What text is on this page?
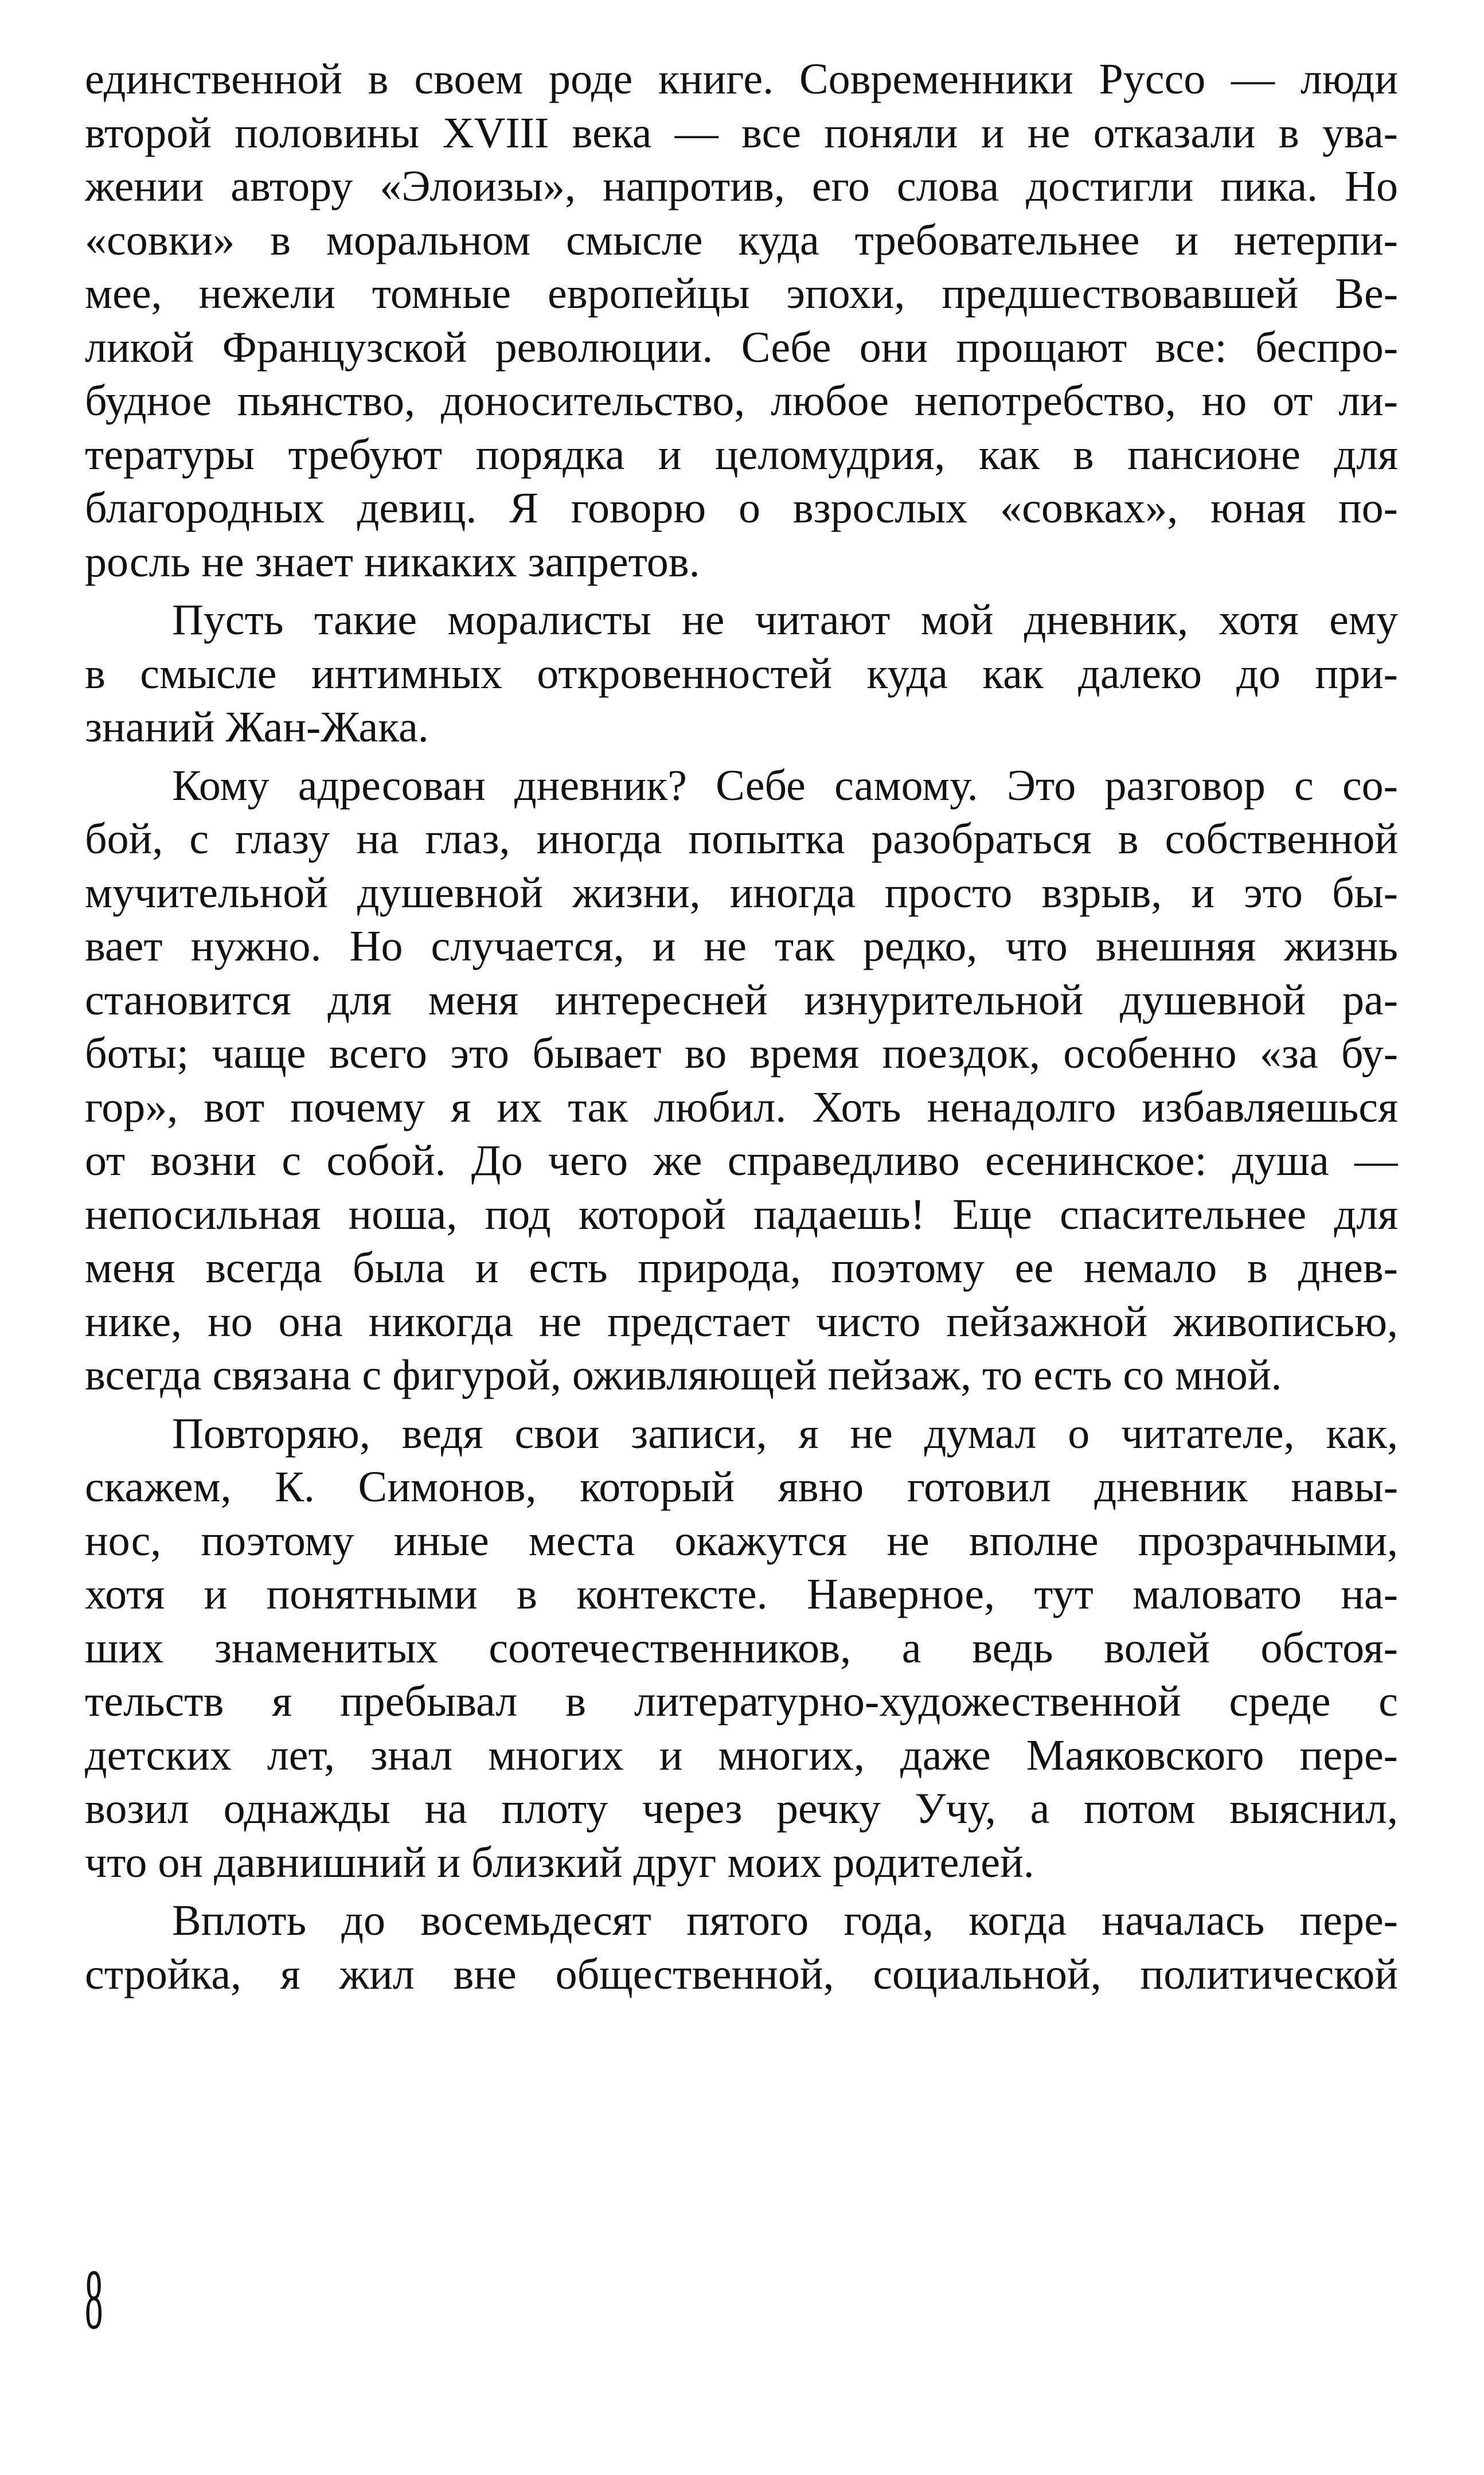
единственной в своем роде книге. Современники Руссо — люди
второй половины XVIII века — все поняли и не отказали в ува-
жении автору «Элоизы», напротив, его слова достигли пика. Но
«совки» в моральном смысле куда требовательнее и нетерпи-
мее, нежели томные европейцы эпохи, предшествовавшей Ве-
ликой Французской революции. Себе они прощают все: беспро-
будное пьянство, доносительство, любое непотребство, но от ли-
тературы требуют порядка и целомудрия, как в пансионе для
благородных девиц. Я говорю о взрослых «совках», юная по-
росль не знает никаких запретов.

Пусть такие моралисты не читают мой дневник, хотя ему
в смысле интимных откровенностей куда как далеко до при-
знаний Жан-Жака.

Кому адресован дневник? Себе самому. Это разговор с со-
бой, с глазу на глаз, иногда попытка разобраться в собственной
мучительной душевной жизни, иногда просто взрыв, и это бы-
вает нужно. Но случается, и не так редко, что внешняя жизнь
становится для меня интереснeй изнурительной душевной ра-
боты; чаще всего это бывает во время поездок, особенно «за бу-
гор», вот почему я их так любил. Хоть ненадолго избавляешься
от возни с собой. До чего же справедливо есенинское: душа —
непосильная ноша, под которой падаешь! Еще спасительнее для
меня всегда была и есть природа, поэтому ее немало в днев-
нике, но она никогда не предстает чисто пейзажной живописью,
всегда связана с фигурой, оживляющей пейзаж, то есть со мной.

Повторяю, ведя свои записи, я не думал о читателе, как,
скажем, К. Симонов, который явно готовил дневник навы-
нос, поэтому иные места окажутся не вполне прозрачными,
хотя и понятными в контексте. Наверное, тут маловато на-
ших знаменитых соотечественников, а ведь волей обстоя-
тельств я пребывал в литературно-художественной среде с
детских лет, знал многих и многих, даже Маяковского пере-
возил однажды на плоту через речку Учу, а потом выяснил,
что он давнишний и близкий друг моих родителей.

Вплоть до восемьдесят пятого года, когда началась пере-
стройка, я жил вне общественной, социальной, политической

8
